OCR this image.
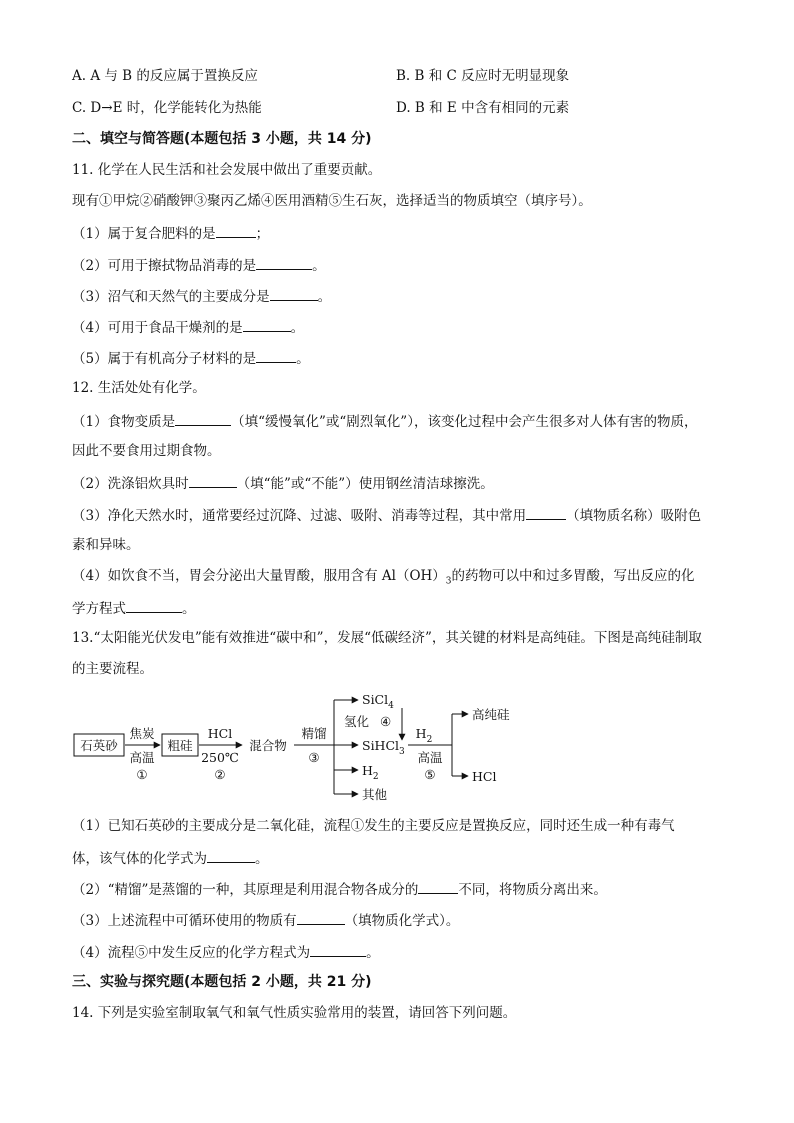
A. A 与 B 的反应属于置换反应	B. B 和 C 反应时无明显现象
C. D→E 时，化学能转化为热能	D. B 和 E 中含有相同的元素
二、填空与简答题(本题包括 3 小题，共 14 分)
11. 化学在人民生活和社会发展中做出了重要贡献。
现有①甲烷②硝酸钾③聚丙乙烯④医用酒精⑤生石灰，选择适当的物质填空（填序号）。
（1）属于复合肥料的是	；
（2）可用于擦拭物品消毒的是	。
（3）沼气和天然气的主要成分是	。
（4）可用于食品干燥剂的是	。
（5）属于有机高分子材料的是	。
12. 生活处处有化学。
（1）食物变质是	（填“缓慢氧化”或“剧烈氧化”），该变化过程中会产生很多对人体有害的物质，
因此不要食用过期食物。
（2）洗涤铝炊具时	（填“能”或“不能”）使用钢丝清洁球擦洗。
（3）净化天然水时，通常要经过沉降、过滤、吸附、消毒等过程，其中常用	（填物质名称）吸附色
素和异味。
（4）如饮食不当，胃会分泌出大量胃酸，服用含有 $Al(OH)_3$的药物可以中和过多胃酸，写出反应的化
学方程式	。
13.“太阳能光伏发电”能有效推进“碳中和”，发展“低碳经济”，其关键的材料是高纯硅。下图是高纯硅制取
的主要流程。
石英砂
焦炭
高温
①
粗硅
HCl
250℃
②
混合物
精馏
③
SiCl$_4$
氢化 ④
SiHCl$_3$
$H_2$
其他
$H_2$
高温
⑤
高纯硅
HCl
（1）已知石英砂的主要成分是二氧化硅，流程①发生的主要反应是置换反应，同时还生成一种有毒气
体，该气体的化学式为	。
（2）“精馏”是蒸馏的一种，其原理是利用混合物各成分的	不同，将物质分离出来。
（3）上述流程中可循环使用的物质有	（填物质化学式）。
（4）流程⑤中发生反应的化学方程式为	。
三、实验与探究题(本题包括 2 小题，共 21 分)
14. 下列是实验室制取氧气和氧气性质实验常用的装置，请回答下列问题。
